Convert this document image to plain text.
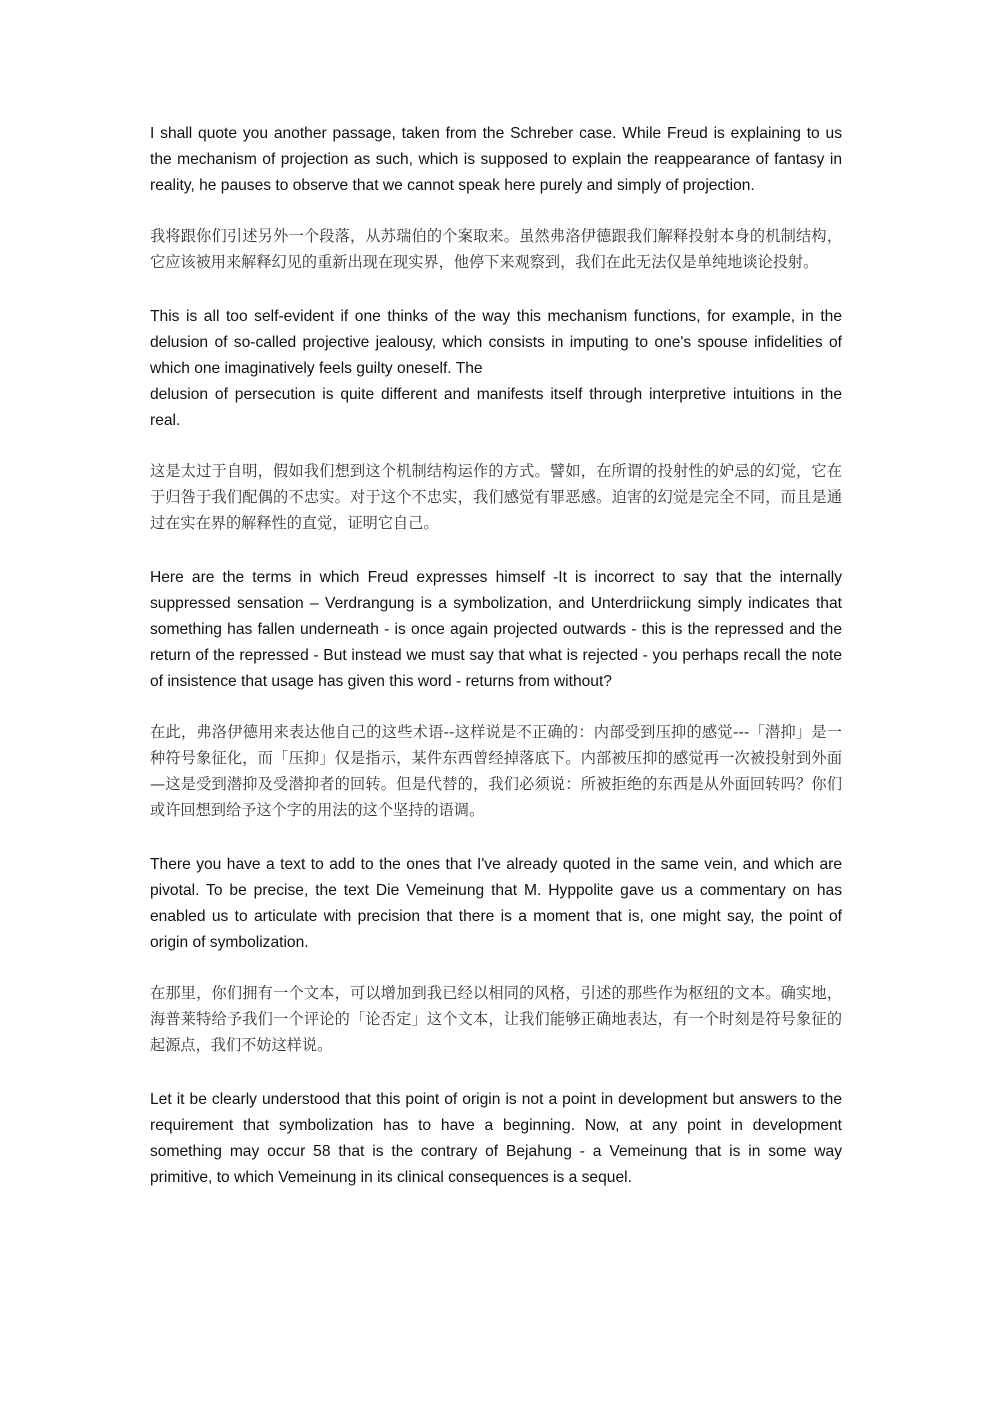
I shall quote you another passage, taken from the Schreber case. While Freud is explaining to us the mechanism of projection as such, which is supposed to explain the reappearance of fantasy in reality, he pauses to observe that we cannot speak here purely and simply of projection.

我将跟你们引述另外一个段落，从苏瑞伯的个案取来。虽然弗洛伊德跟我们解释投射本身的机制结构，它应该被用来解释幻见的重新出现在现实界，他停下来观察到，我们在此无法仅是单纯地谈论投射。

This is all too self-evident if one thinks of the way this mechanism functions, for example, in the delusion of so-called projective jealousy, which consists in imputing to one's spouse infidelities of which one imaginatively feels guilty oneself. The
delusion of persecution is quite different and manifests itself through interpretive intuitions in the real.

这是太过于自明，假如我们想到这个机制结构运作的方式。譬如，在所谓的投射性的妒忌的幻觉，它在于归咎于我们配偶的不忠实。对于这个不忠实，我们感觉有罪恶感。迫害的幻觉是完全不同，而且是通过在实在界的解释性的直觉，证明它自己。

Here are the terms in which Freud expresses himself -It is incorrect to say that the internally suppressed sensation – Verdrangung is a symbolization, and Unterdriickung simply indicates that something has fallen underneath - is once again projected outwards - this is the repressed and the return of the repressed - But instead we must say that what is rejected - you perhaps recall the note of insistence that usage has given this word - returns from without?

在此，弗洛伊德用来表达他自己的这些术语--这样说是不正确的：内部受到压抑的感觉---「潜抑」是一种符号象征化，而「压抑」仅是指示，某件东西曾经掉落底下。内部被压抑的感觉再一次被投射到外面—这是受到潜抑及受潜抑者的回转。但是代替的，我们必须说：所被拒绝的东西是从外面回转吗？你们或许回想到给予这个字的用法的这个坚持的语调。

There you have a text to add to the ones that I've already quoted in the same vein, and which are pivotal. To be precise, the text Die Vemeinung that M. Hyppolite gave us a commentary on has enabled us to articulate with precision that there is a moment that is, one might say, the point of origin of symbolization.

在那里，你们拥有一个文本，可以增加到我已经以相同的风格，引述的那些作为枢纽的文本。确实地，海普莱特给予我们一个评论的「论否定」这个文本，让我们能够正确地表达，有一个时刻是符号象征的起源点，我们不妨这样说。

Let it be clearly understood that this point of origin is not a point in development but answers to the requirement that symbolization has to have a beginning. Now, at any point in development something may occur 58 that is the contrary of Bejahung - a Vemeinung that is in some way primitive, to which Vemeinung in its clinical consequences is a sequel.
